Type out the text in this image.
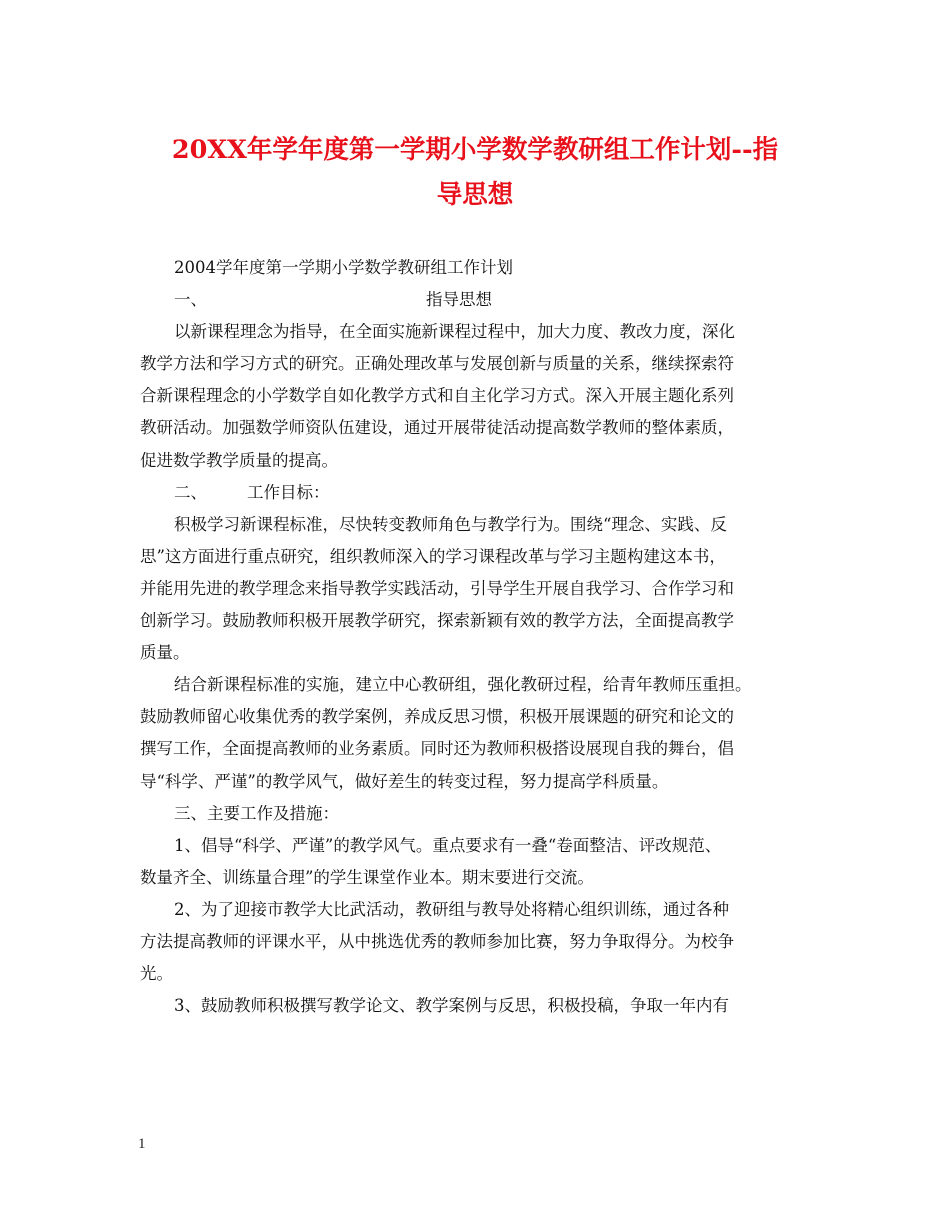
20XX年学年度第一学期小学数学教研组工作计划--指
导思想
2004学年度第一学期小学数学教研组工作计划
一、	指导思想
以新课程理念为指导，在全面实施新课程过程中，加大力度、教改力度，深化
教学方法和学习方式的研究。正确处理改革与发展创新与质量的关系，继续探索符
合新课程理念的小学数学自如化教学方式和自主化学习方式。深入开展主题化系列
教研活动。加强数学师资队伍建设，通过开展带徒活动提高数学教师的整体素质，
促进数学教学质量的提高。
二、	工作目标：
积极学习新课程标准，尽快转变教师角色与教学行为。围绕“理念、实践、反
思”这方面进行重点研究，组织教师深入的学习课程改革与学习主题构建这本书，
并能用先进的教学理念来指导教学实践活动，引导学生开展自我学习、合作学习和
创新学习。鼓励教师积极开展教学研究，探索新颖有效的教学方法，全面提高教学
质量。
结合新课程标准的实施，建立中心教研组，强化教研过程，给青年教师压重担。
鼓励教师留心收集优秀的教学案例，养成反思习惯，积极开展课题的研究和论文的
撰写工作，全面提高教师的业务素质。同时还为教师积极搭设展现自我的舞台，倡
导“科学、严谨”的教学风气，做好差生的转变过程，努力提高学科质量。
三、主要工作及措施：
1、倡导“科学、严谨”的教学风气。重点要求有一叠“卷面整洁、评改规范、
数量齐全、训练量合理”的学生课堂作业本。期末要进行交流。
2、为了迎接市教学大比武活动，教研组与教导处将精心组织训练，通过各种
方法提高教师的评课水平，从中挑选优秀的教师参加比赛，努力争取得分。为校争
光。
3、鼓励教师积极撰写教学论文、教学案例与反思，积极投稿，争取一年内有
1
